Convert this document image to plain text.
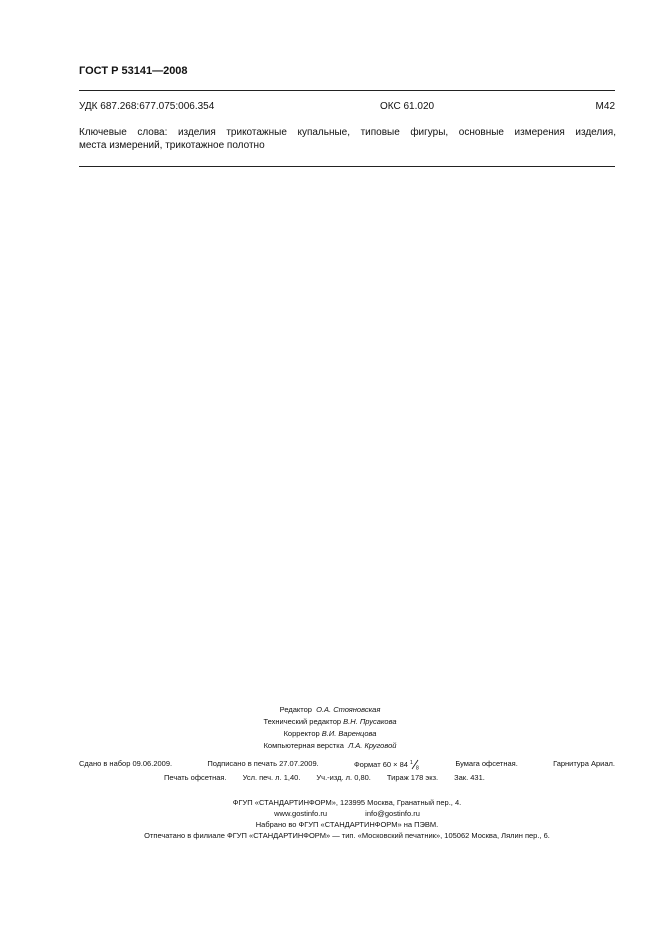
ГОСТ Р 53141—2008
УДК 687.268:677.075:006.354	ОКС 61.020	М42
Ключевые слова: изделия трикотажные купальные, типовые фигуры, основные измерения изделия,
места измерений, трикотажное полотно
Редактор О.А. Стояновская
Технический редактор В.Н. Прусакова
Корректор В.И. Варенцова
Компьютерная верстка Л.А. Круговой
Сдано в набор 09.06.2009.	Подписано в печать 27.07.2009.	Формат 60 × 84 1
8
Бумага офсетная.	Гарнитура Ариал.
Печать офсетная. Усл. печ. л. 1,40. Уч.-изд. л. 0,80. Тираж 178 экз. Зак. 431.
ФГУП «СТАНДАРТИНФОРМ», 123995 Москва, Гранатный пер., 4.
www.gostinfo.ru	info@gostinfo.ru
Набрано во ФГУП «СТАНДАРТИНФОРМ» на ПЭВМ.
Отпечатано в филиале ФГУП «СТАНДАРТИНФОРМ» — тип. «Московский печатник», 105062 Москва, Лялин пер., 6.
